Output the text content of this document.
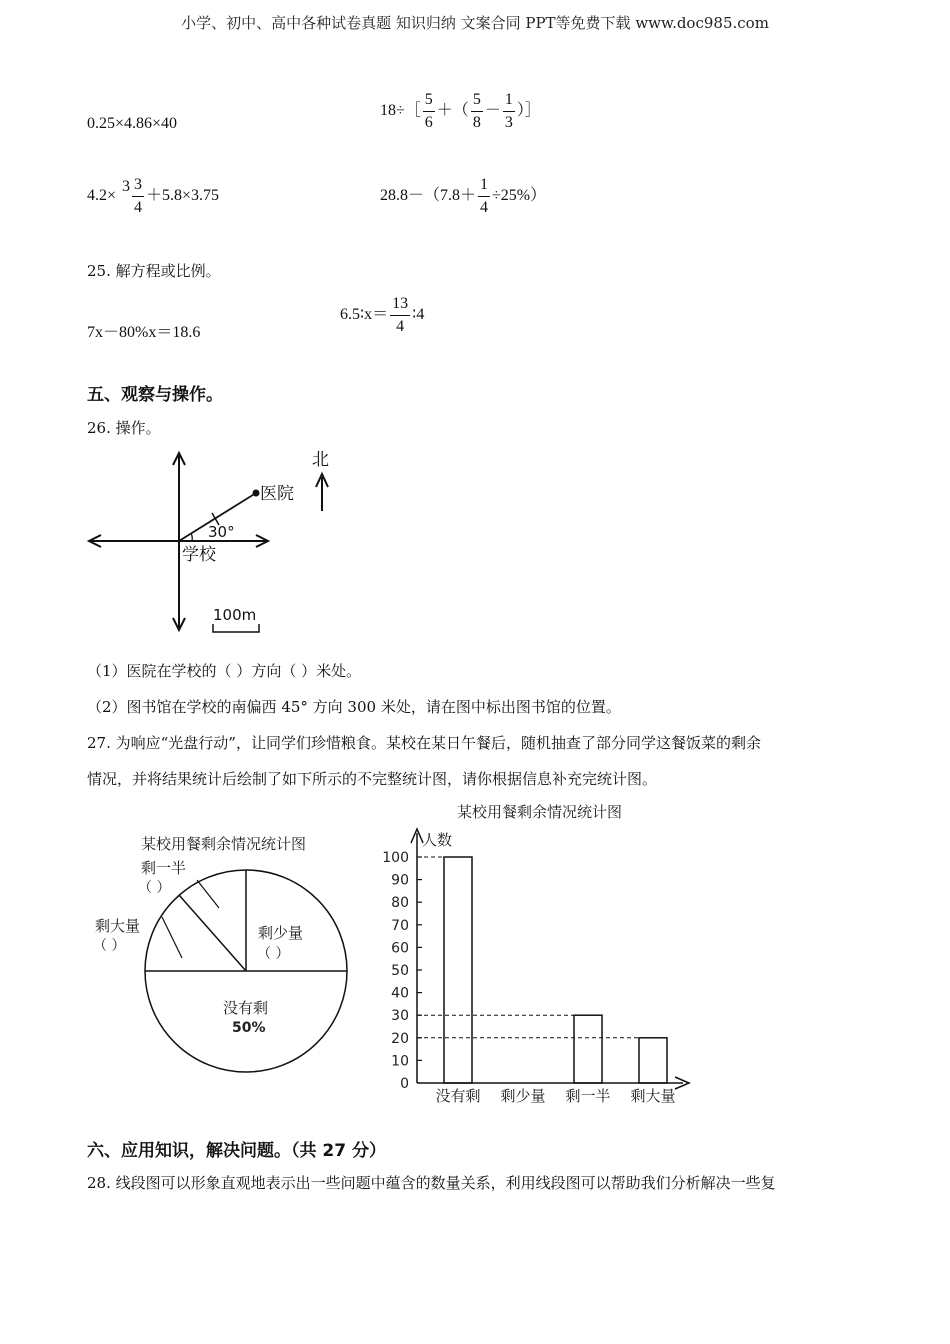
小学、初中、高中各种试卷真题 知识归纳 文案合同 PPT等免费下载 www.doc985.com
0.25×4.86×40
18÷［ $\frac{5}{6}$ ＋（ $\frac{5}{8} - \frac{1}{3}$ ）］
$4.2\times 3 \frac{3}{4} +5.8\times 3.75$	$28.8-(7.8+ \frac{1}{4} \div 25\%)$
25. 解方程或比例。
7x－80%x＝18.6
6.5∶x＝ $\frac{13}{4}$ ∶4
五、观察与操作。
26. 操作。
北
医院
30°
学校
100m
（1）医院在学校的（ ）方向（ ）米处。
（2）图书馆在学校的南偏西 45° 方向 300 米处，请在图中标出图书馆的位置。
27. 为响应“光盘行动”，让同学们珍惜粮食。某校在某日午餐后，随机抽查了部分同学这餐饭菜的剩余
情况，并将结果统计后绘制了如下所示的不完整统计图，请你根据信息补充完统计图。
某校用餐剩余情况统计图
没有剩
50%
剩少量
（ ）
剩一半
（ ）
剩大量
（ ）
某校用餐剩余情况统计图
人数
0
10
20
30
40
50
60
70
80
90
100
没有剩 剩少量 剩一半 剩大量
六、应用知识，解决问题。（共 27 分）
28. 线段图可以形象直观地表示出一些问题中蕴含的数量关系，利用线段图可以帮助我们分析解决一些复
